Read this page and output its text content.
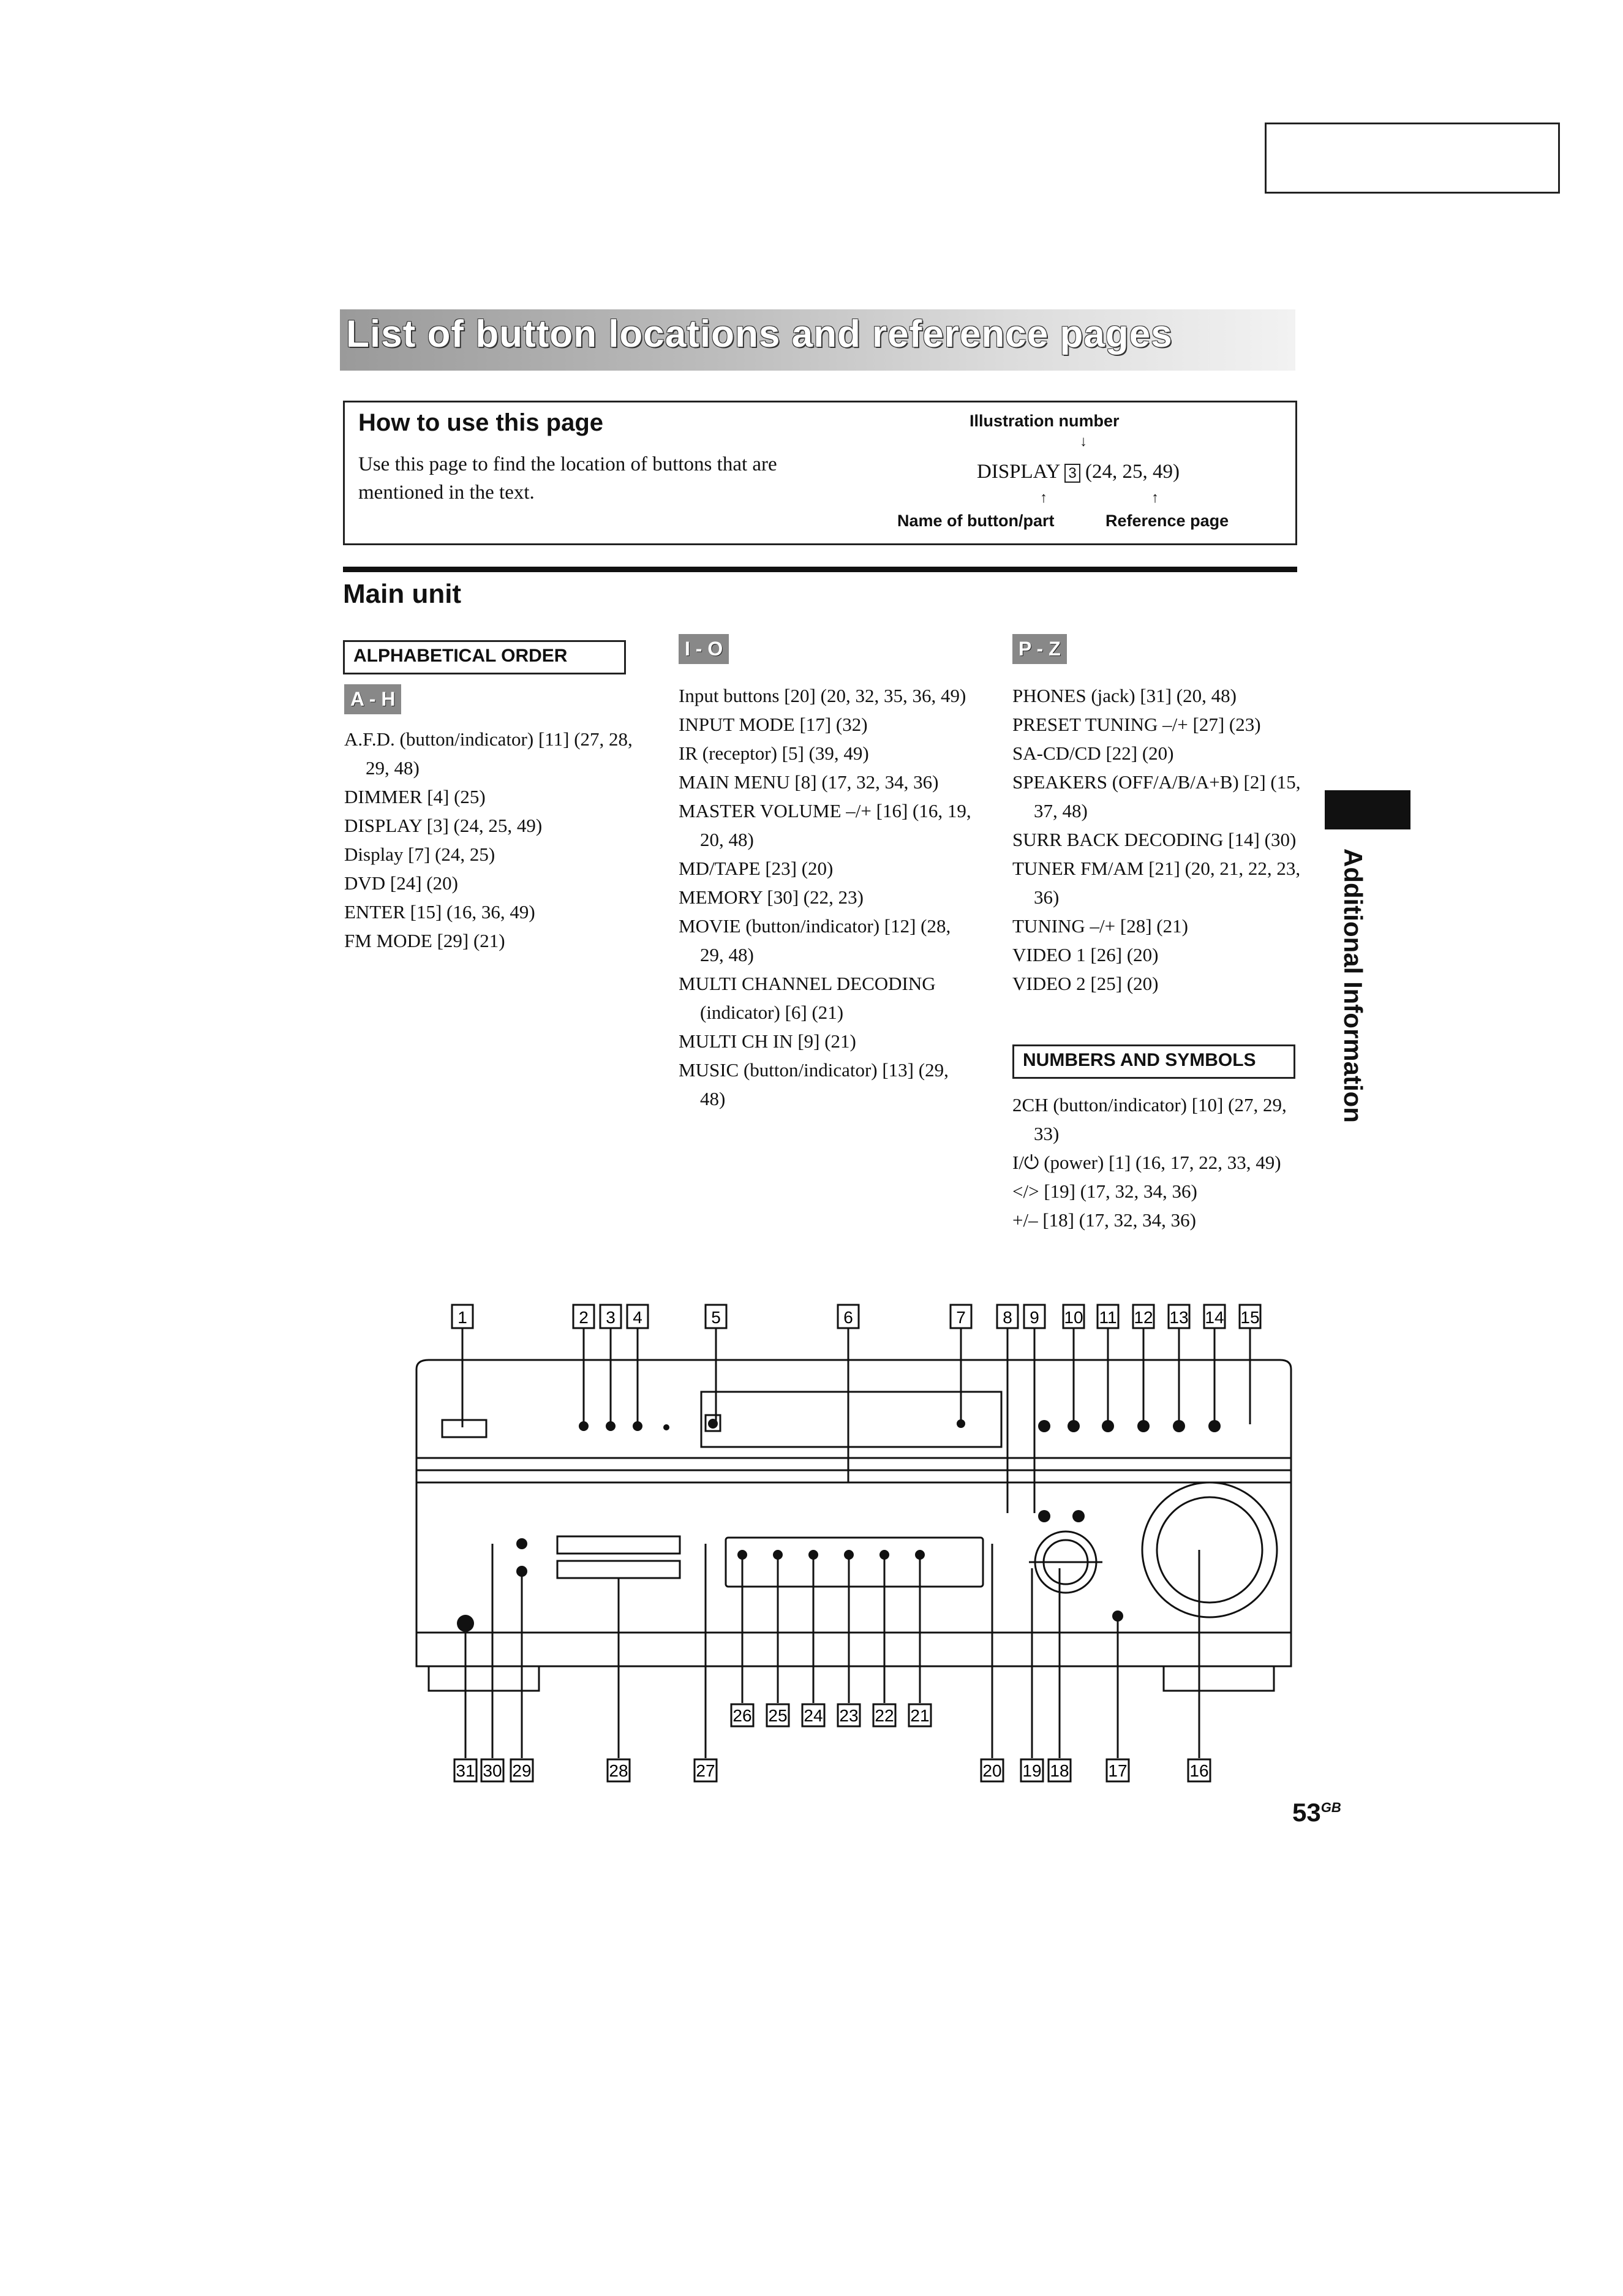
List of button locations and reference pages
How to use this page
Use this page to find the location of buttons that are mentioned in the text.
Illustration number
↓
DISPLAY 3 (24, 25, 49)
↑	↑
Name of button/part	Reference page
Main unit
ALPHABETICAL ORDER
A - H
A.F.D. (button/indicator) [11] (27, 28, 29, 48)
DIMMER [4] (25)
DISPLAY [3] (24, 25, 49)
Display [7] (24, 25)
DVD [24] (20)
ENTER [15] (16, 36, 49)
FM MODE [29] (21)
I - O
Input buttons [20] (20, 32, 35, 36, 49)
INPUT MODE [17] (32)
IR (receptor) [5] (39, 49)
MAIN MENU [8] (17, 32, 34, 36)
MASTER VOLUME –/+ [16] (16, 19, 20, 48)
MD/TAPE [23] (20)
MEMORY [30] (22, 23)
MOVIE (button/indicator) [12] (28, 29, 48)
MULTI CHANNEL DECODING (indicator) [6] (21)
MULTI CH IN [9] (21)
MUSIC (button/indicator) [13] (29, 48)
P - Z
PHONES (jack) [31] (20, 48)
PRESET TUNING –/+ [27] (23)
SA-CD/CD [22] (20)
SPEAKERS (OFF/A/B/A+B) [2] (15, 37, 48)
SURR BACK DECODING [14] (30)
TUNER FM/AM [21] (20, 21, 22, 23, 36)
TUNING –/+ [28] (21)
VIDEO 1 [26] (20)
VIDEO 2 [25] (20)
NUMBERS AND SYMBOLS
2CH (button/indicator) [10] (27, 29, 33)
I/⏻ (power) [1] (16, 17, 22, 33, 49)
</> [19] (17, 32, 34, 36)
+/– [18] (17, 32, 34, 36)
Additional Information
1	2 3 4	5	6	7 8 9 10 11 12 13 14 15
31 30 29	28	27
26 25 24 23 22 21
20 19 18 17	16
$53^{GB}$
